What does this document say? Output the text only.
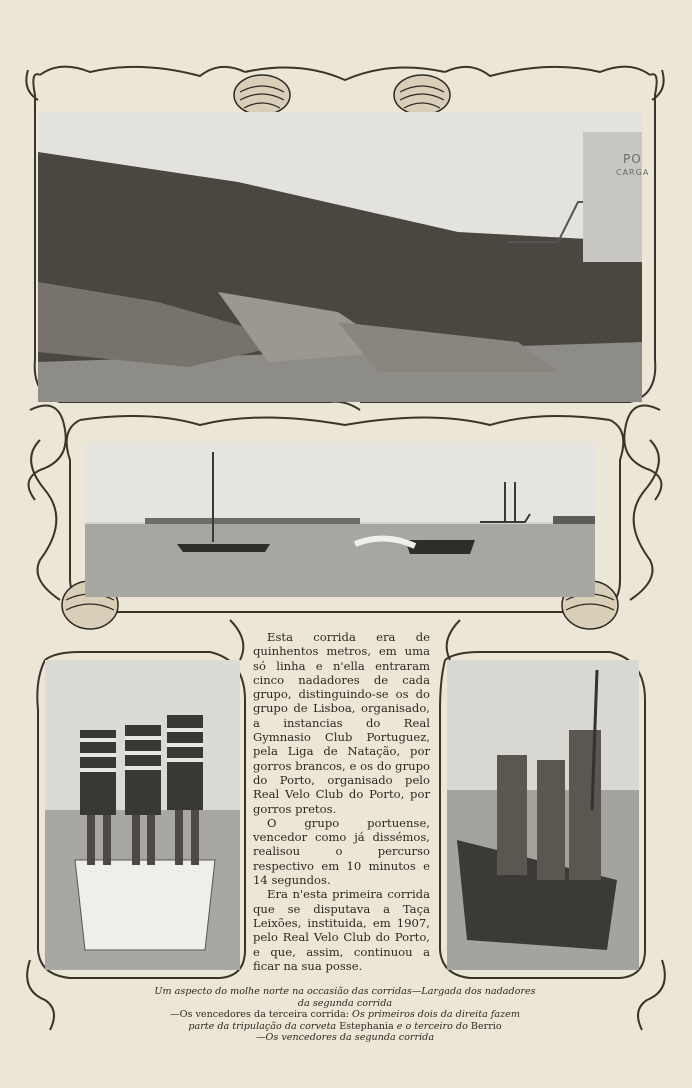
PO
CARGA

Esta corrida era de quinhentos metros, em uma só linha e n'ella entraram cinco nadadores de cada grupo, distinguindo-se os do grupo de Lisboa, organisado, a instancias do Real Gymnasio Club Portuguez, pela Liga de Natação, por gorros brancos, e os do grupo do Porto, organisado pelo Real Velo Club do Porto, por gorros pretos.

O grupo portuense, vencedor como já dissémos, realisou o percurso respectivo em 10 minutos e 14 segundos.

Era n'esta primeira corrida que se disputava a Taça Leixões, instituida, em 1907, pelo Real Velo Club do Porto, e que, assim, continuou a ficar na sua posse.

Um aspecto do molhe norte na occasião das corridas—Largada dos nadadores
da segunda corrida
—Os vencedores da terceira corrida: Os primeiros dois da direita fazem
parte da tripulação da corveta Estephania e o terceiro do Berrio
—Os vencedores da segunda corrida
